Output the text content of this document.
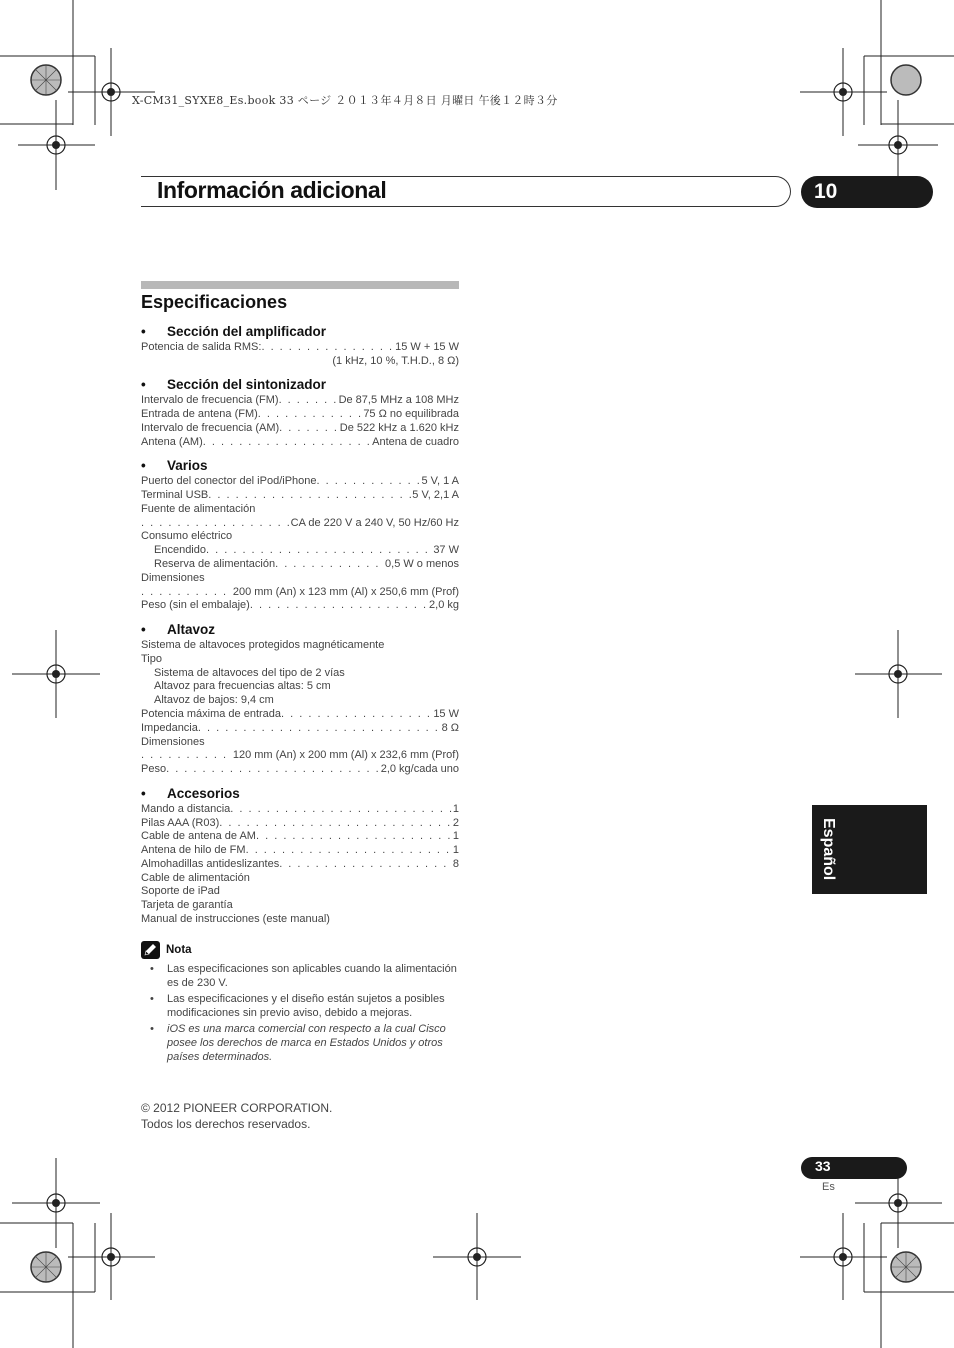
X-CM31_SYXE8_Es.book 33 ページ ２０１３年４月８日 月曜日 午後１２時３分
Información adicional	10
Especificaciones
•	Sección del amplificador
Potencia de salida RMS: . . .	15 W + 15 W
(1 kHz, 10 %, T.H.D., 8 Ω)
•	Sección del sintonizador
Intervalo de frecuencia (FM) . . .	De 87,5 MHz a 108 MHz
Entrada de antena (FM) . . .	75 Ω no equilibrada
Intervalo de frecuencia (AM) . . .	De 522 kHz a 1.620 kHz
Antena (AM) . . .	Antena de cuadro
•	Varios
Puerto del conector del iPod/iPhone . . .	5 V, 1 A
Terminal USB . . .	5 V, 2,1 A
Fuente de alimentación
. . .
CA de 220 V a 240 V, 50 Hz/60 Hz
Consumo eléctrico
Encendido . . .	37 W
Reserva de alimentación . . .	0,5 W o menos
Dimensiones
. . .
200 mm (An) x 123 mm (Al) x 250,6 mm (Prof)
Peso (sin el embalaje) . . .	2,0 kg
•	Altavoz
Sistema de altavoces protegidos magnéticamente
Tipo
Sistema de altavoces del tipo de 2 vías
Altavoz para frecuencias altas: 5 cm
Altavoz de bajos: 9,4 cm
Potencia máxima de entrada . . .	15 W
Impedancia . . .	8 Ω
Dimensiones
. . .
120 mm (An) x 200 mm (Al) x 232,6 mm (Prof)
Peso . . .	2,0 kg/cada uno
•	Accesorios
Mando a distancia . . .	1
Pilas AAA (R03) . . .	2
Cable de antena de AM . . .	1
Antena de hilo de FM . . .	1
Almohadillas antideslizantes . . .	8
Cable de alimentación
Soporte de iPad
Tarjeta de garantía
Manual de instrucciones (este manual)
Nota
•	Las especificaciones son aplicables cuando la alimentación es de 230 V.
•	Las especificaciones y el diseño están sujetos a posibles modificaciones sin previo aviso, debido a mejoras.
•	iOS es una marca comercial con respecto a la cual Cisco posee los derechos de marca en Estados Unidos y otros países determinados.
© 2012 PIONEER CORPORATION.
Todos los derechos reservados.
Español
33
Es
